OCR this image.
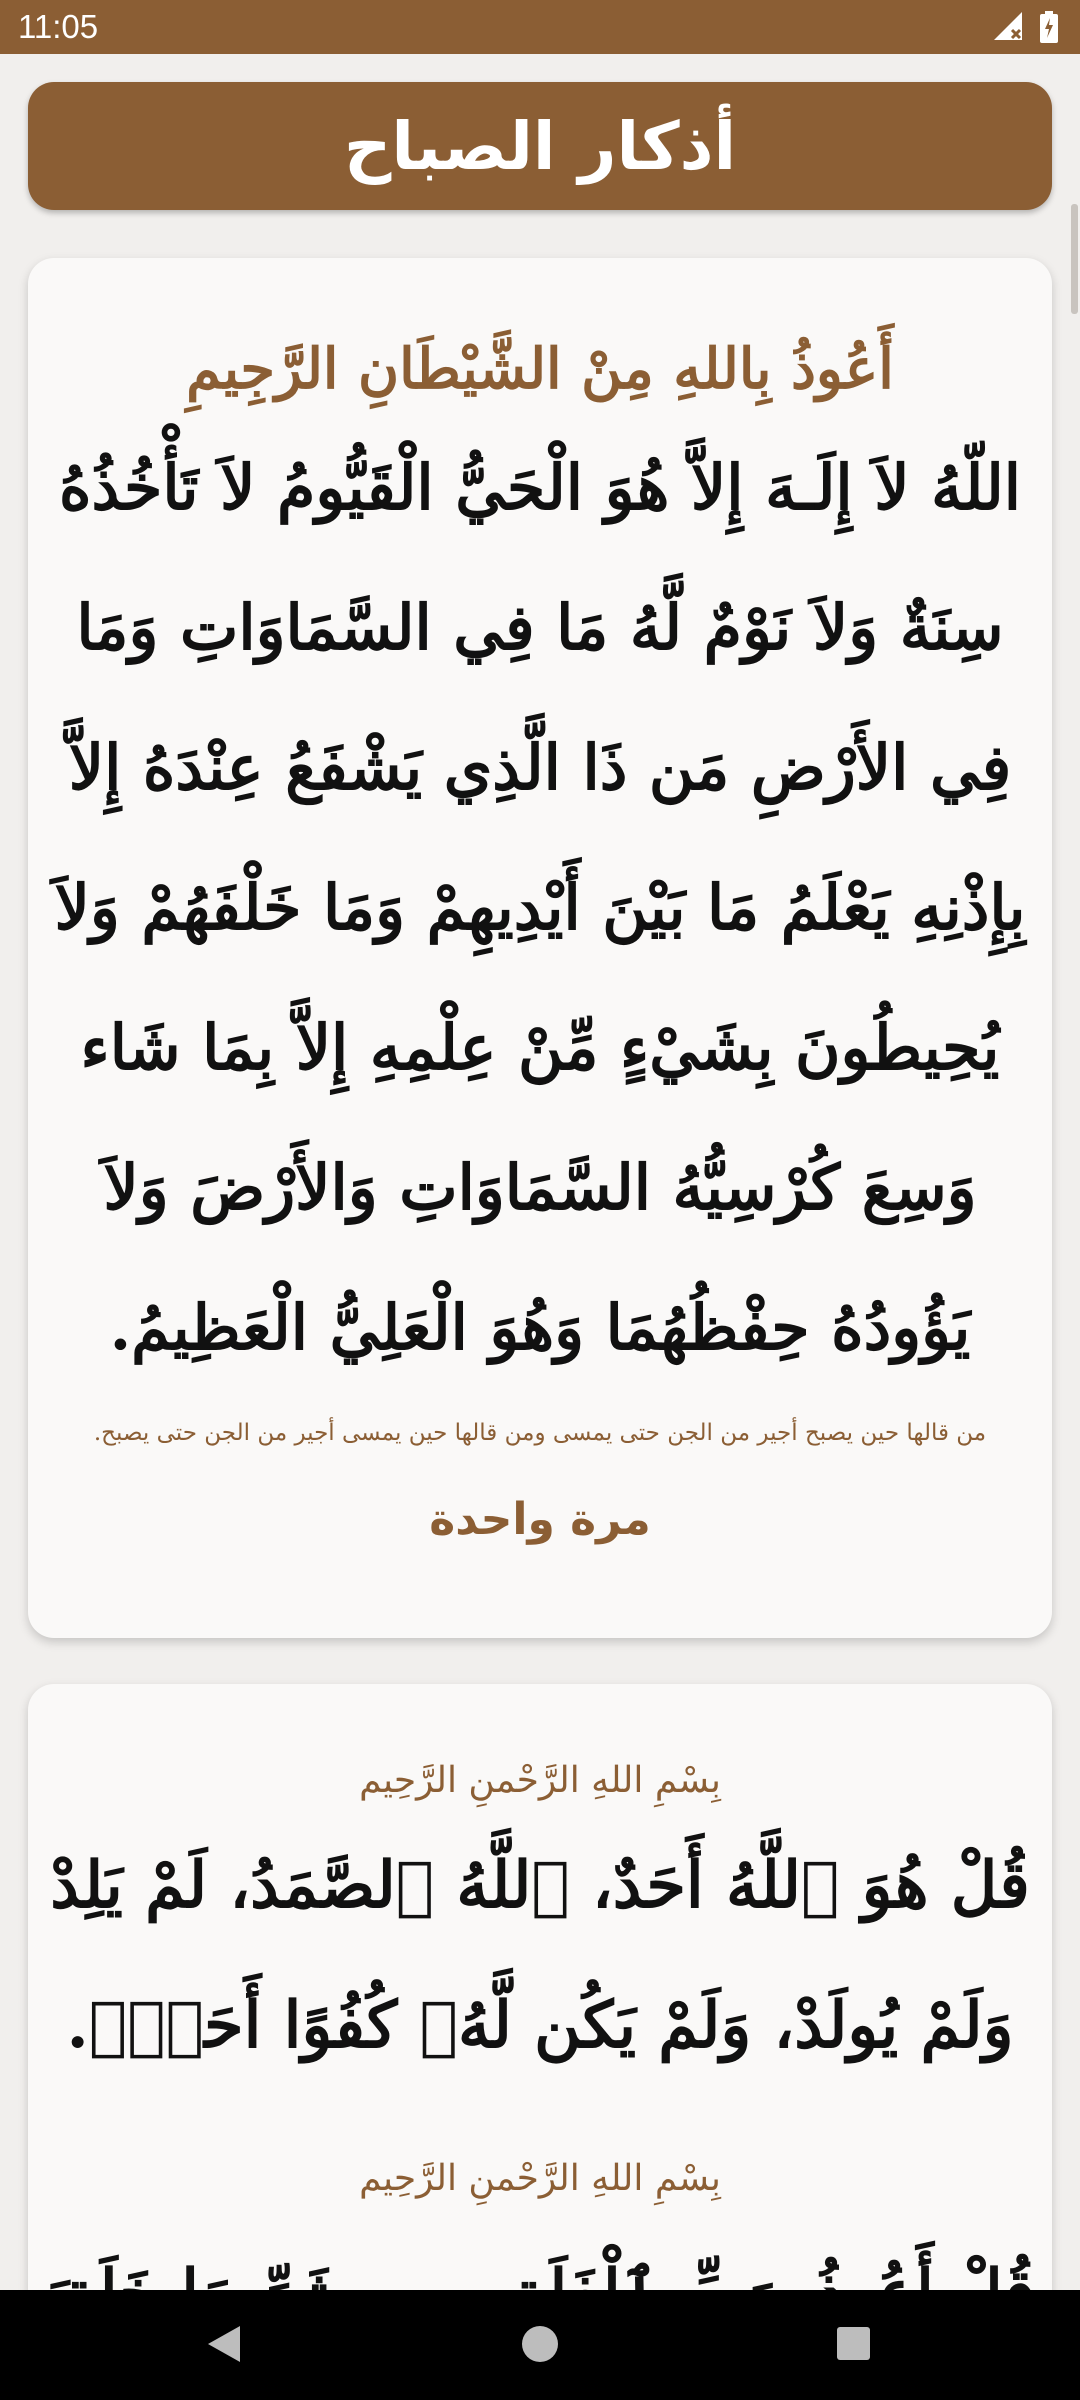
11:05
أذكار الصباح
أَعُوذُ بِاللهِ مِنْ الشَّيْطَانِ الرَّجِيمِ
اللّهُ لاَ إِلَـهَ إِلاَّ هُوَ الْحَيُّ الْقَيُّومُ لاَ تَأْخُذُهُ سِنَةٌ وَلاَ نَوْمٌ لَّهُ مَا فِي السَّمَاوَاتِ وَمَا فِي الأَرْضِ مَن ذَا الَّذِي يَشْفَعُ عِنْدَهُ إِلاَّ بِإِذْنِهِ يَعْلَمُ مَا بَيْنَ أَيْدِيهِمْ وَمَا خَلْفَهُمْ وَلاَ يُحِيطُونَ بِشَيْءٍ مِّنْ عِلْمِهِ إِلاَّ بِمَا شَاء وَسِعَ كُرْسِيُّهُ السَّمَاوَاتِ وَالأَرْضَ وَلاَ يَؤُودُهُ حِفْظُهُمَا وَهُوَ الْعَلِيُّ الْعَظِيمُ.
من قالها حين يصبح أجير من الجن حتى يمسى ومن قالها حين يمسى أجير من الجن حتى يصبح.
مرة واحدة
بِسْمِ اللهِ الرَّحْمنِ الرَّحِيم
قُلْ هُوَ ٱللَّهُ أَحَدٌ، ٱللَّهُ ٱلصَّمَدُ، لَمْ يَلِدْ وَلَمْ يُولَدْ، وَلَمْ يَكُن لَّهُۥ كُفُوًا أَحَدٌۢ.
بِسْمِ اللهِ الرَّحْمنِ الرَّحِيم
